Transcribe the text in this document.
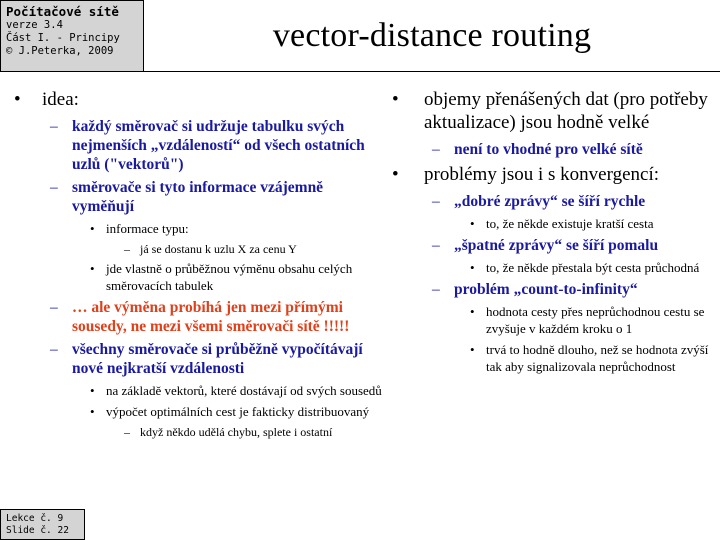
Počítačové sítě
verze 3.4
Část I. - Principy
© J.Peterka, 2009	vector-distance routing
• idea:
– každý směrovač si udržuje tabulku svých nejmenších „vzdáleností“ od všech ostatních uzlů ("vektorů")
– směrovače si tyto informace vzájemně vyměňují
• informace typu:
– já se dostanu k uzlu X za cenu Y
• jde vlastně o průběžnou výměnu obsahu celých směrovacích tabulek
– … ale výměna probíhá jen mezi přímými sousedy, ne mezi všemi směrovači sítě !!!!!
– všechny směrovače si průběžně vypočítávají nové nejkratší vzdálenosti
• na základě vektorů, které dostávají od svých sousedů
• výpočet optimálních cest je fakticky distribuovaný
– když někdo udělá chybu, splete i ostatní
• objemy přenášených dat (pro potřeby aktualizace) jsou hodně velké
– není to vhodné pro velké sítě
• problémy jsou i s konvergencí:
– „dobré zprávy“ se šíří rychle
• to, že někde existuje kratší cesta
– „špatné zprávy“ se šíří pomalu
• to, že někde přestala být cesta průchodná
– problém „count-to-infinity“
• hodnota cesty přes neprůchodnou cestu se zvyšuje v každém kroku o 1
• trvá to hodně dlouho, než se hodnota zvýší tak aby signalizovala neprůchodnost
Lekce č. 9
Slide č. 22
